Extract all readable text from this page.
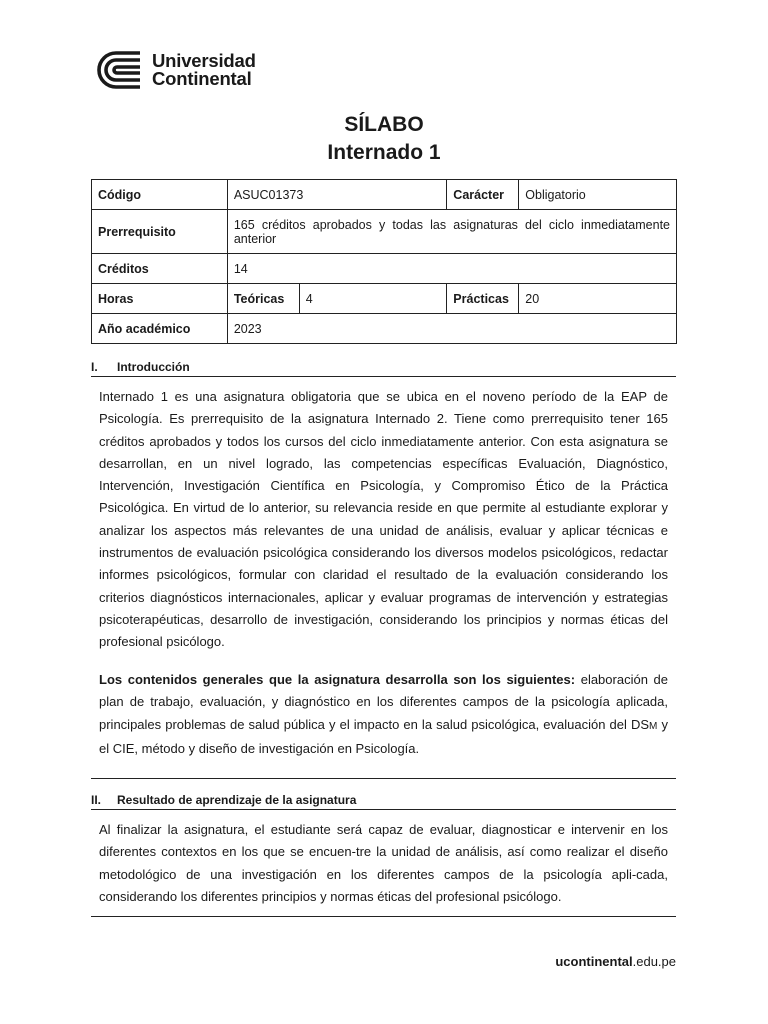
Universidad
Continental
SÍLABO
Internado 1
Código	ASUC01373		Carácter	Obligatorio
Prerrequisito	165 créditos aprobados y todas las asignaturas del ciclo inmediatamente anterior			

Créditos	14			
Horas	Teóricas	4	Prácticas	20
Año académico	2023			
I. Introducción
Internado 1 es una asignatura obligatoria que se ubica en el noveno período de la EAP de Psicología. Es prerrequisito de la asignatura Internado 2. Tiene como prerrequisito tener 165 créditos aprobados y todos los cursos del ciclo inmediatamente anterior. Con esta asignatura se desarrollan, en un nivel logrado, las competencias específicas Evaluación, Diagnóstico, Intervención, Investigación Científica en Psicología, y Compromiso Ético de la Práctica Psicológica. En virtud de lo anterior, su relevancia reside en que permite al estudiante explorar y analizar los aspectos más relevantes de una unidad de análisis, evaluar y aplicar técnicas e instrumentos de evaluación psicológica considerando los diversos modelos psicológicos, redactar informes psicológicos, formular con claridad el resultado de la evaluación considerando los criterios diagnósticos internacionales, aplicar y evaluar programas de intervención y estrategias psicoterapéuticas, desarrollo de investigación, considerando los principios y normas éticas del profesional psicólogo.
Los contenidos generales que la asignatura desarrolla son los siguientes: elaboración de plan de trabajo, evaluación, y diagnóstico en los diferentes campos de la psicología aplicada, principales problemas de salud pública y el impacto en la salud psicológica, evaluación del DSM y el CIE, método y diseño de investigación en Psicología.
II. Resultado de aprendizaje de la asignatura
Al finalizar la asignatura, el estudiante será capaz de evaluar, diagnosticar e intervenir en los diferentes contextos en los que se encuen-tre la unidad de análisis, así como realizar el diseño metodológico de una investigación en los diferentes campos de la psicología apli-cada, considerando los diferentes principios y normas éticas del profesional psicólogo.
ucontinental.edu.pe
